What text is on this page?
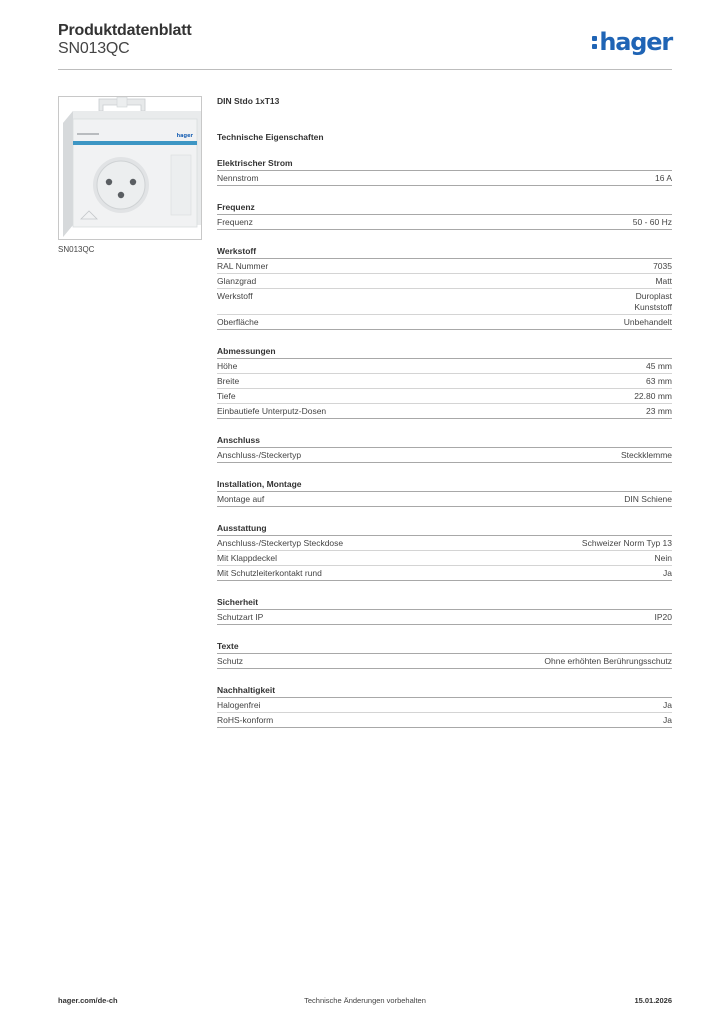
Produktdatenblatt
SN013QC	hager
hager
SN013QC
DIN Stdo 1xT13
Technische Eigenschaften
Elektrischer Strom
Nennstrom	16 A
Frequenz
Frequenz	50 - 60 Hz
Werkstoff
RAL Nummer	7035
Glanzgrad	Matt
Werkstoff	Duroplast
Kunststoff
Oberfläche	Unbehandelt
Abmessungen
Höhe	45 mm
Breite	63 mm
Tiefe	22.80 mm
Einbautiefe Unterputz-Dosen	23 mm
Anschluss
Anschluss-/Steckertyp	Steckklemme
Installation, Montage
Montage auf	DIN Schiene
Ausstattung
Anschluss-/Steckertyp Steckdose	Schweizer Norm Typ 13
Mit Klappdeckel	Nein
Mit Schutzleiterkontakt rund	Ja
Sicherheit
Schutzart IP	IP20
Texte
Schutz	Ohne erhöhten Berührungsschutz
Nachhaltigkeit
Halogenfrei	Ja
RoHS-konform	Ja
hager.com/de-ch	Technische Änderungen vorbehalten	15.01.2026
